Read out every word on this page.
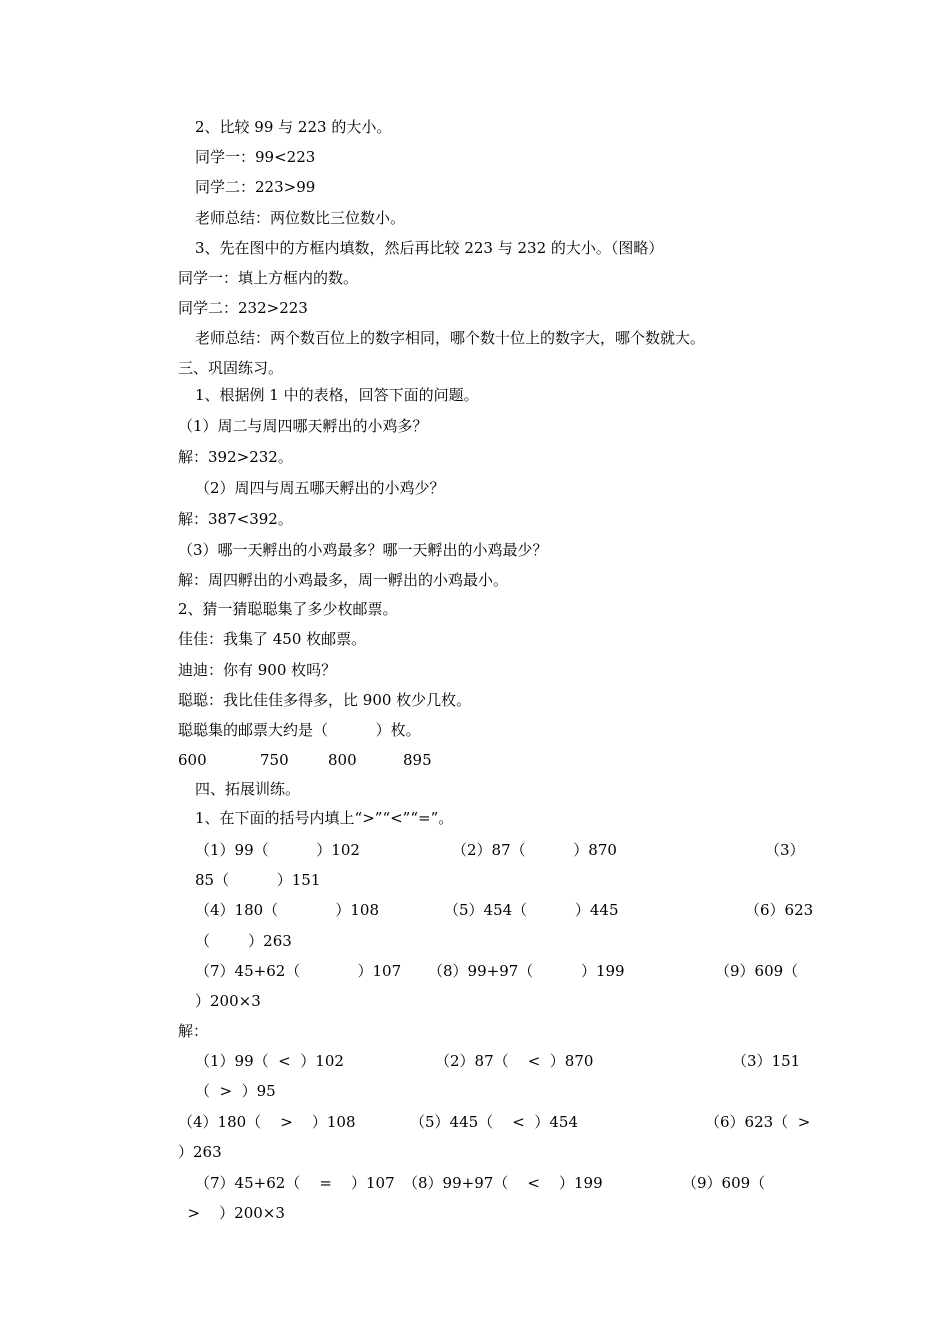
2、比较 99 与 223 的大小。
同学一：99<223
同学二：223>99
老师总结：两位数比三位数小。
3、先在图中的方框内填数，然后再比较 223 与 232 的大小。（图略）
同学一：填上方框内的数。
同学二：232>223
老师总结：两个数百位上的数字相同，哪个数十位上的数字大，哪个数就大。
三、巩固练习。
1、根据例 1 中的表格，回答下面的问题。
（1）周二与周四哪天孵出的小鸡多？
解：392>232。
（2）周四与周五哪天孵出的小鸡少？
解：387<392。
（3）哪一天孵出的小鸡最多？哪一天孵出的小鸡最少？
解：周四孵出的小鸡最多，周一孵出的小鸡最小。
2、猜一猜聪聪集了多少枚邮票。
佳佳：我集了 450 枚邮票。
迪迪：你有 900 枚吗？
聪聪：我比佳佳多得多，比 900 枚少几枚。
聪聪集的邮票大约是（          ）枚。
600	750	800	895
四、拓展训练。
1、在下面的括号内填上“>”“<”“=”。
（1）99（          ）102	（2）87（          ）870	（3）
85（          ）151
（4）180（            ）108	（5）454（          ）445	（6）623
（        ）263
（7）45+62（            ）107 （8）99+97（          ）199	（9）609（
）200×3
解：
（1）99（  <  ）102	（2）87（    <  ）870	（3）151
（  >  ）95
（4）180（    >    ）108	（5）445（    <  ）454	（6）623（  >
）263
（7）45+62（    =    ）107 （8）99+97（    <    ）199	（9）609（
>    ）200×3
